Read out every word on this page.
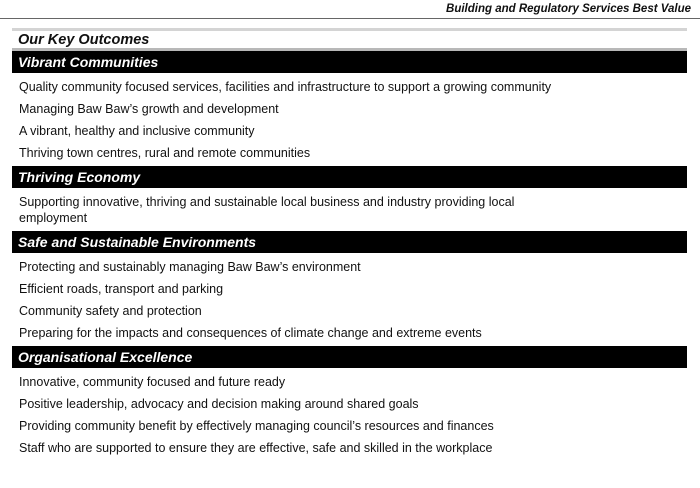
Building and Regulatory Services Best Value
Our Key Outcomes
Vibrant Communities
Quality community focused services, facilities and infrastructure to support a growing community
Managing Baw Baw’s growth and development
A vibrant, healthy and inclusive community
Thriving town centres, rural and remote communities
Thriving Economy
Supporting innovative, thriving and sustainable local business and industry providing local employment
Safe and Sustainable Environments
Protecting and sustainably managing Baw Baw’s environment
Efficient roads, transport and parking
Community safety and protection
Preparing for the impacts and consequences of climate change and extreme events
Organisational Excellence
Innovative, community focused and future ready
Positive leadership, advocacy and decision making around shared goals
Providing community benefit by effectively managing council’s resources and finances
Staff who are supported to ensure they are effective, safe and skilled in the workplace
